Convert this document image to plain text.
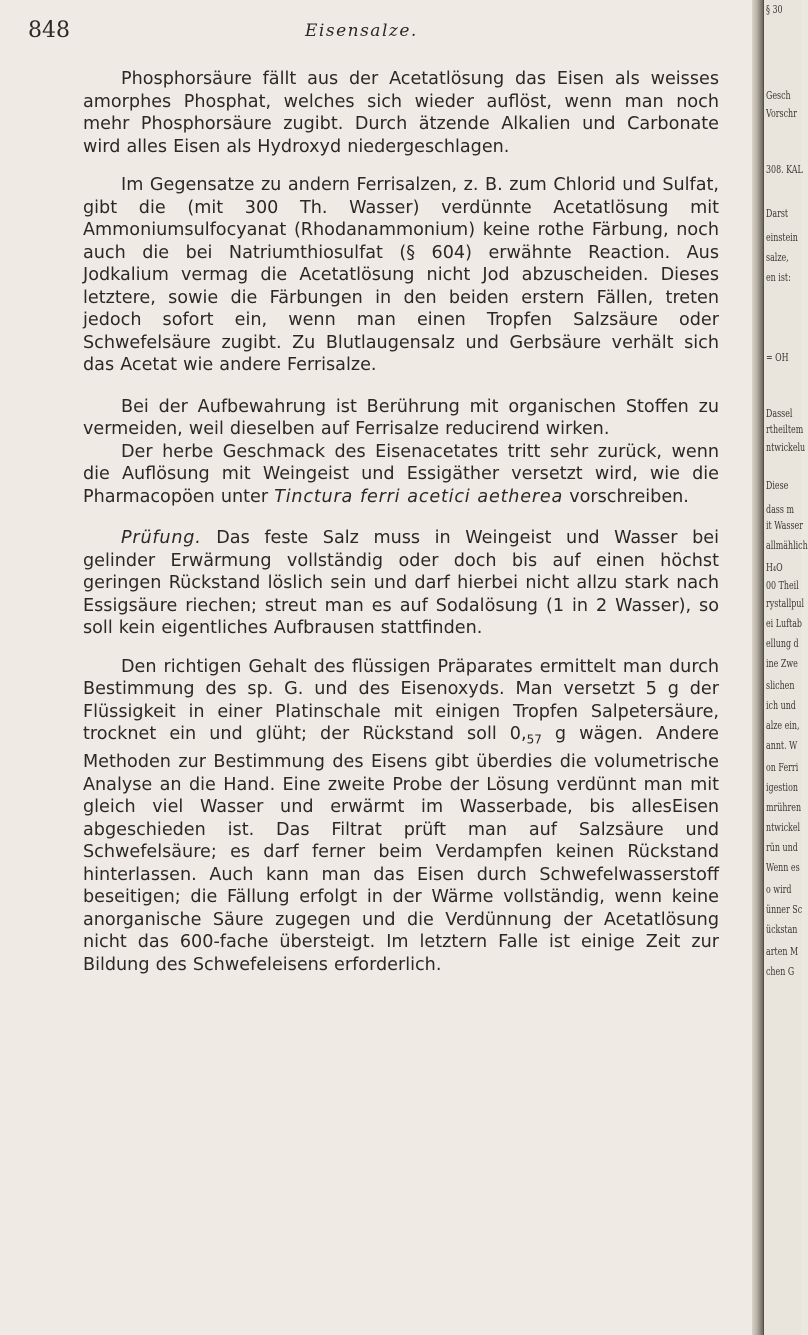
848	Eisensalze.

Phosphorsäure fällt aus der Acetatlösung das Eisen als weisses amorphes Phosphat, welches sich wieder auflöst, wenn man noch mehr Phosphorsäure zugibt. Durch ätzende Alkalien und Carbonate wird alles Eisen als Hydroxyd niedergeschlagen.

Im Gegensatze zu andern Ferrisalzen, z. B. zum Chlorid und Sulfat, gibt die (mit 300 Th. Wasser) verdünnte Acetatlösung mit Ammoniumsulfocyanat (Rhodanammonium) keine rothe Färbung, noch auch die bei Natriumthiosulfat (§ 604) erwähnte Reaction. Aus Jodkalium vermag die Acetatlösung nicht Jod abzuscheiden. Dieses letztere, sowie die Färbungen in den beiden erstern Fällen, treten jedoch sofort ein, wenn man einen Tropfen Salzsäure oder Schwefelsäure zugibt. Zu Blutlaugensalz und Gerbsäure verhält sich das Acetat wie andere Ferrisalze.

Bei der Aufbewahrung ist Berührung mit organischen Stoffen zu vermeiden, weil dieselben auf Ferrisalze reducirend wirken.

Der herbe Geschmack des Eisenacetates tritt sehr zurück, wenn die Auflösung mit Weingeist und Essigäther versetzt wird, wie die Pharmacopöen unter Tinctura ferri acetici aetherea vorschreiben.

Prüfung. Das feste Salz muss in Weingeist und Wasser bei gelinder Erwärmung vollständig oder doch bis auf einen höchst geringen Rückstand löslich sein und darf hierbei nicht allzu stark nach Essigsäure riechen; streut man es auf Sodalösung (1 in 2 Wasser), so soll kein eigentliches Aufbrausen stattfinden.

Den richtigen Gehalt des flüssigen Präparates ermittelt man durch Bestimmung des sp. G. und des Eisenoxyds. Man versetzt 5 g der Flüssigkeit in einer Platinschale mit einigen Tropfen Salpetersäure, trocknet ein und glüht; der Rückstand soll $0,_{57}$ g wägen. Andere Methoden zur Bestimmung des Eisens gibt überdies die volumetrische Analyse an die Hand. Eine zweite Probe der Lösung verdünnt man mit gleich viel Wasser und erwärmt im Wasserbade, bis allesEisen abgeschieden ist. Das Filtrat prüft man auf Salzsäure und Schwefelsäure; es darf ferner beim Verdampfen keinen Rückstand hinterlassen. Auch kann man das Eisen durch Schwefelwasserstoff beseitigen; die Fällung erfolgt in der Wärme vollständig, wenn keine anorganische Säure zugegen und die Verdünnung der Acetatlösung nicht das 600-fache übersteigt. Im letztern Falle ist einige Zeit zur Bildung des Schwefeleisens erforderlich.

§ 30
Gesch
Vorschr
308. KAL
Darst
einstein
salze,
en ist:
= OH
Dassel
rtheiltem
ntwickelu
Diese
dass m
it Wasser
allmählich
H₄O
00 Theil
rystallpul
ei Luftab
ellung d
ine Zwe
slichen
ich und
alze ein,
annt. W
on Ferri
igestion
mrühren
ntwickel
rün und
Wenn es
o wird
ünner Sc
ückstan
arten M
chen G
